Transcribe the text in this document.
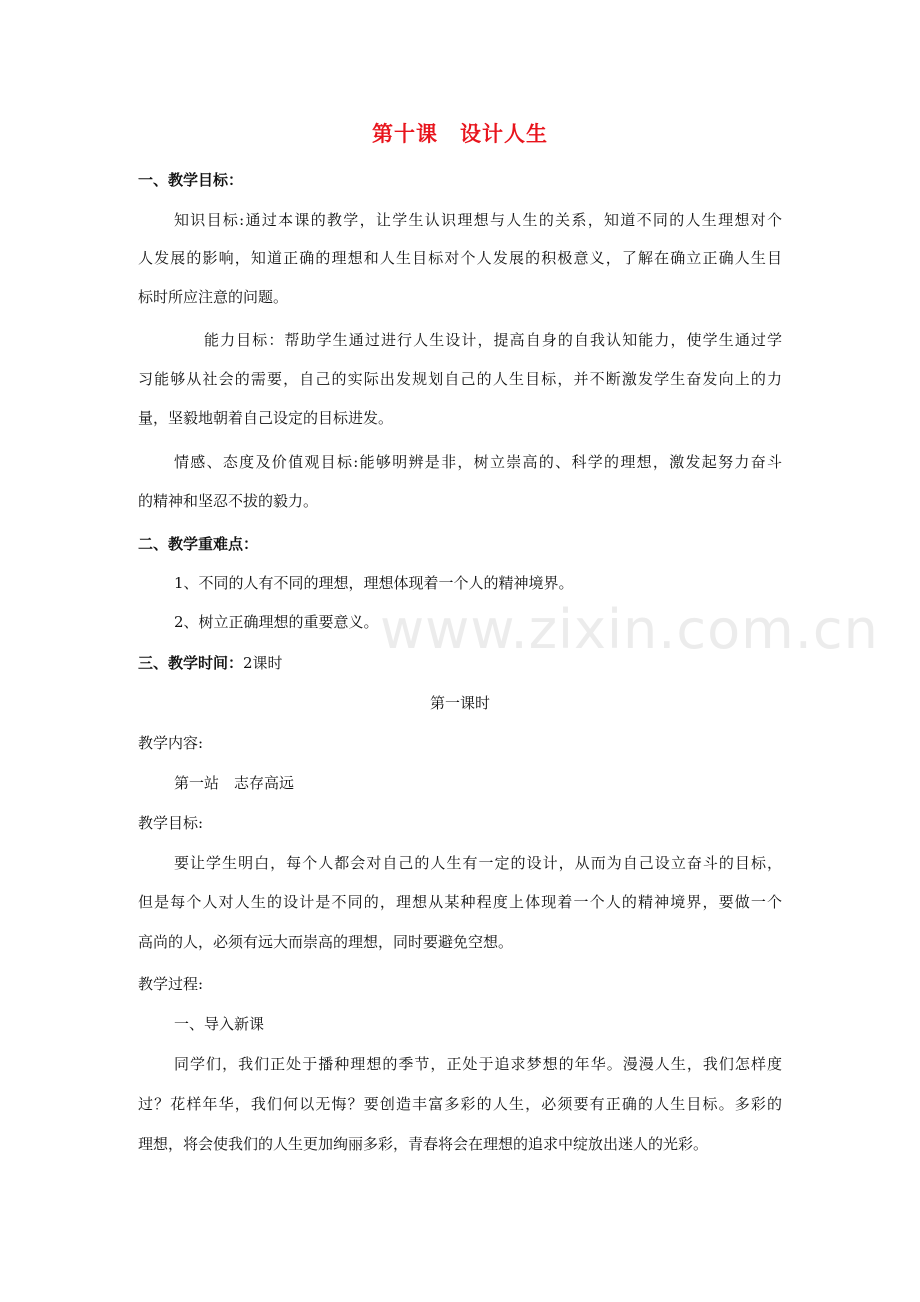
www.zixin.com.cn
第十课　设计人生
一、教学目标：
知识目标:通过本课的教学，让学生认识理想与人生的关系，知道不同的人生理想对个
人发展的影响，知道正确的理想和人生目标对个人发展的积极意义，了解在确立正确人生目
标时所应注意的问题。
能力目标：帮助学生通过进行人生设计，提高自身的自我认知能力，使学生通过学
习能够从社会的需要，自己的实际出发规划自己的人生目标，并不断激发学生奋发向上的力
量，坚毅地朝着自己设定的目标进发。
情感、态度及价值观目标:能够明辨是非，树立崇高的、科学的理想，激发起努力奋斗
的精神和坚忍不拔的毅力。
二、教学重难点：
1、不同的人有不同的理想，理想体现着一个人的精神境界。
2、树立正确理想的重要意义。
三、教学时间：2课时
第一课时
教学内容:
第一站　志存高远
教学目标:
要让学生明白，每个人都会对自己的人生有一定的设计，从而为自己设立奋斗的目标，
但是每个人对人生的设计是不同的，理想从某种程度上体现着一个人的精神境界，要做一个
高尚的人，必须有远大而崇高的理想，同时要避免空想。
教学过程:
一、导入新课
同学们，我们正处于播种理想的季节，正处于追求梦想的年华。漫漫人生，我们怎样度
过？花样年华，我们何以无悔？要创造丰富多彩的人生，必须要有正确的人生目标。多彩的
理想，将会使我们的人生更加绚丽多彩，青春将会在理想的追求中绽放出迷人的光彩。
